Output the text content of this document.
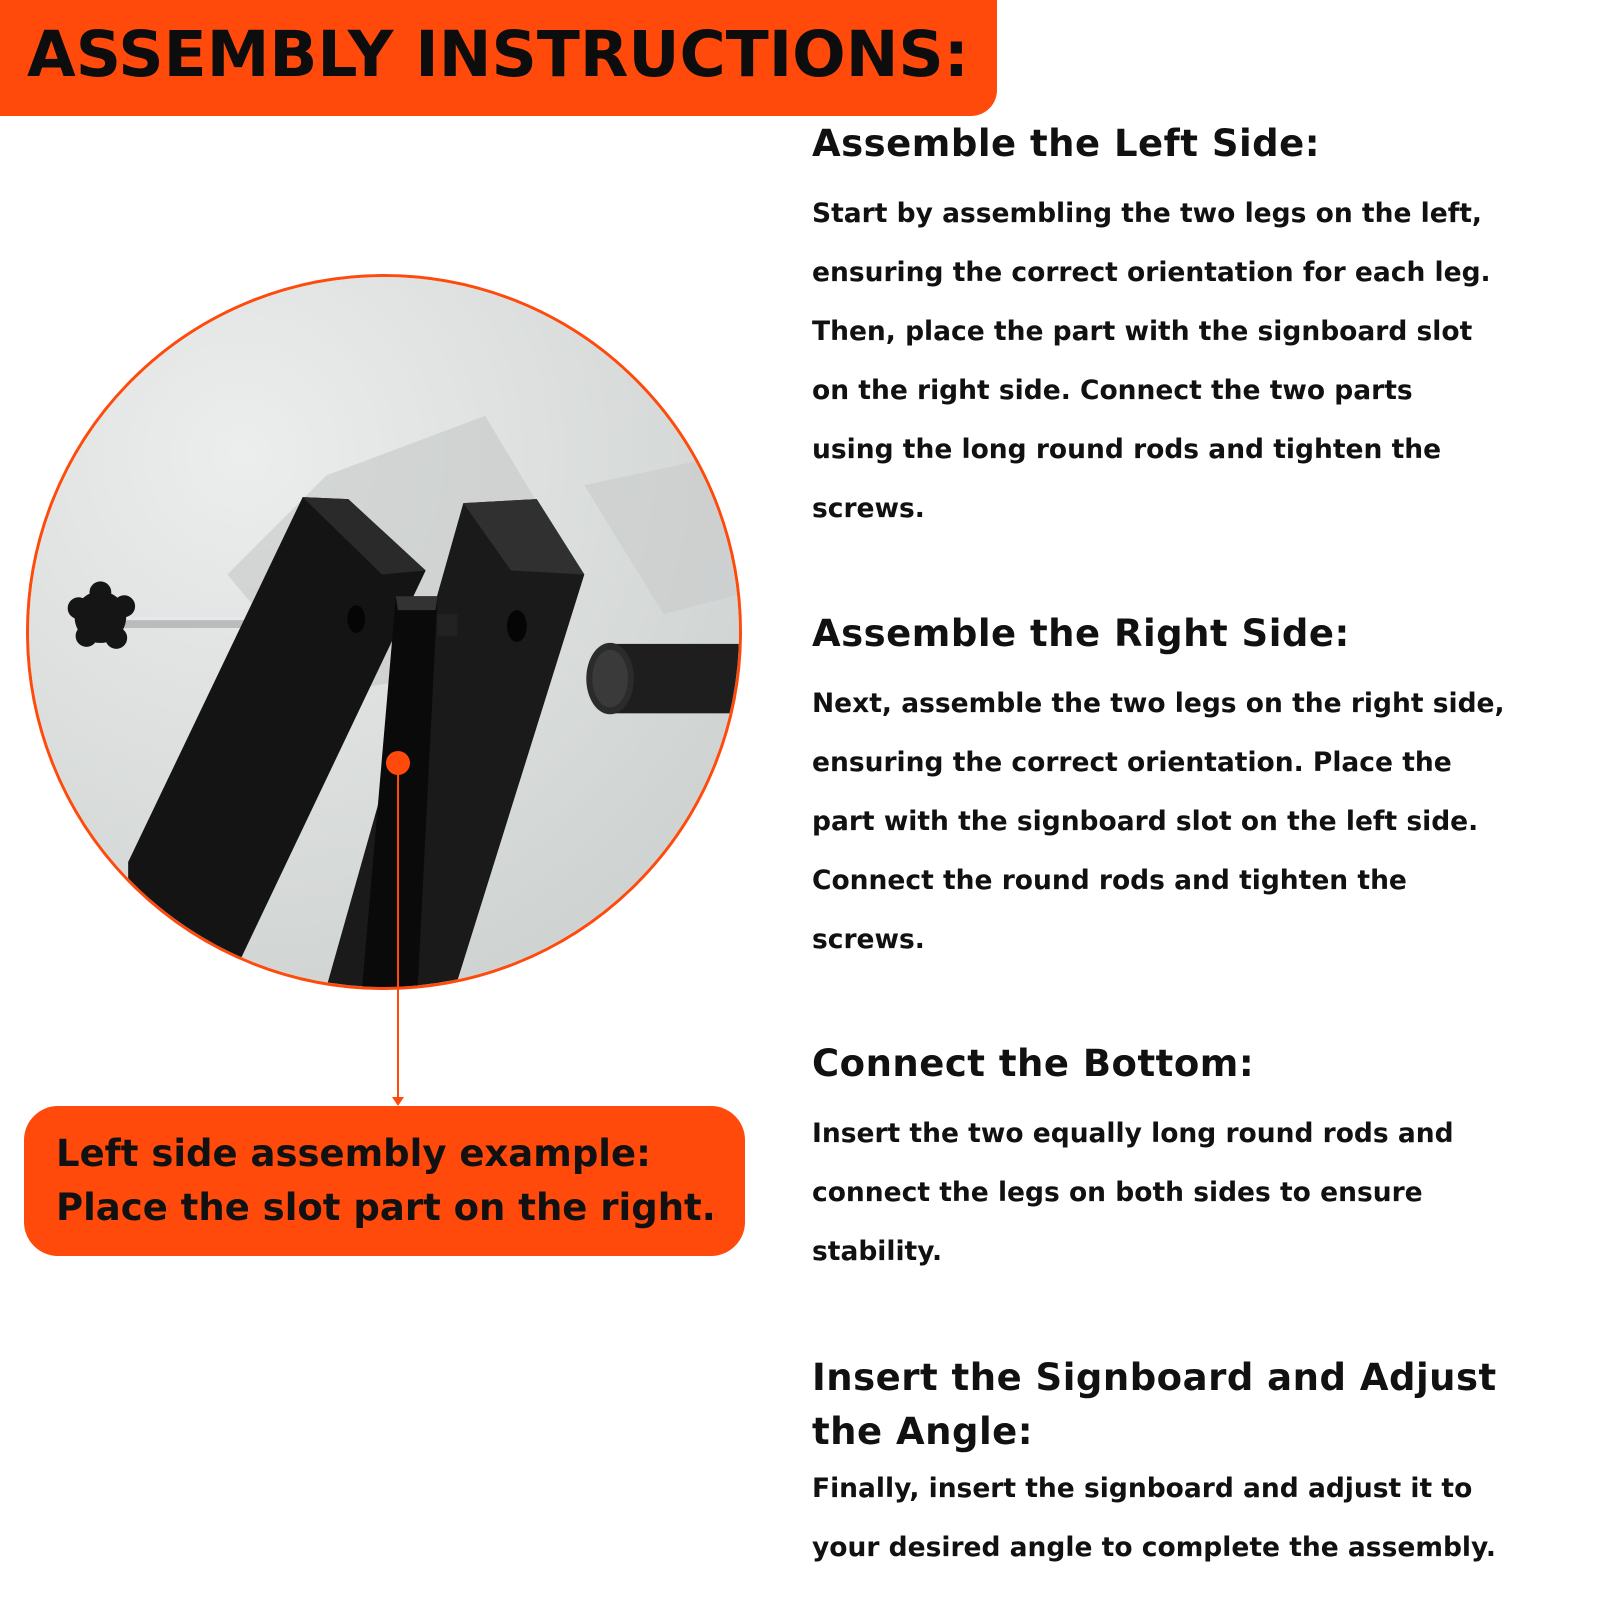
ASSEMBLY INSTRUCTIONS:
Left side assembly example:
Place the slot part on the right.
Assemble the Left Side:

Start by assembling the two legs on the left,
ensuring the correct orientation for each leg.
Then, place the part with the signboard slot
on the right side. Connect the two parts
using the long round rods and tighten the
screws.

Assemble the Right Side:

Next, assemble the two legs on the right side,
ensuring the correct orientation. Place the
part with the signboard slot on the left side.
Connect the round rods and tighten the
screws.

Connect the Bottom:

Insert the two equally long round rods and
connect the legs on both sides to ensure
stability.

Insert the Signboard and Adjust
the Angle:

Finally, insert the signboard and adjust it to
your desired angle to complete the assembly.
